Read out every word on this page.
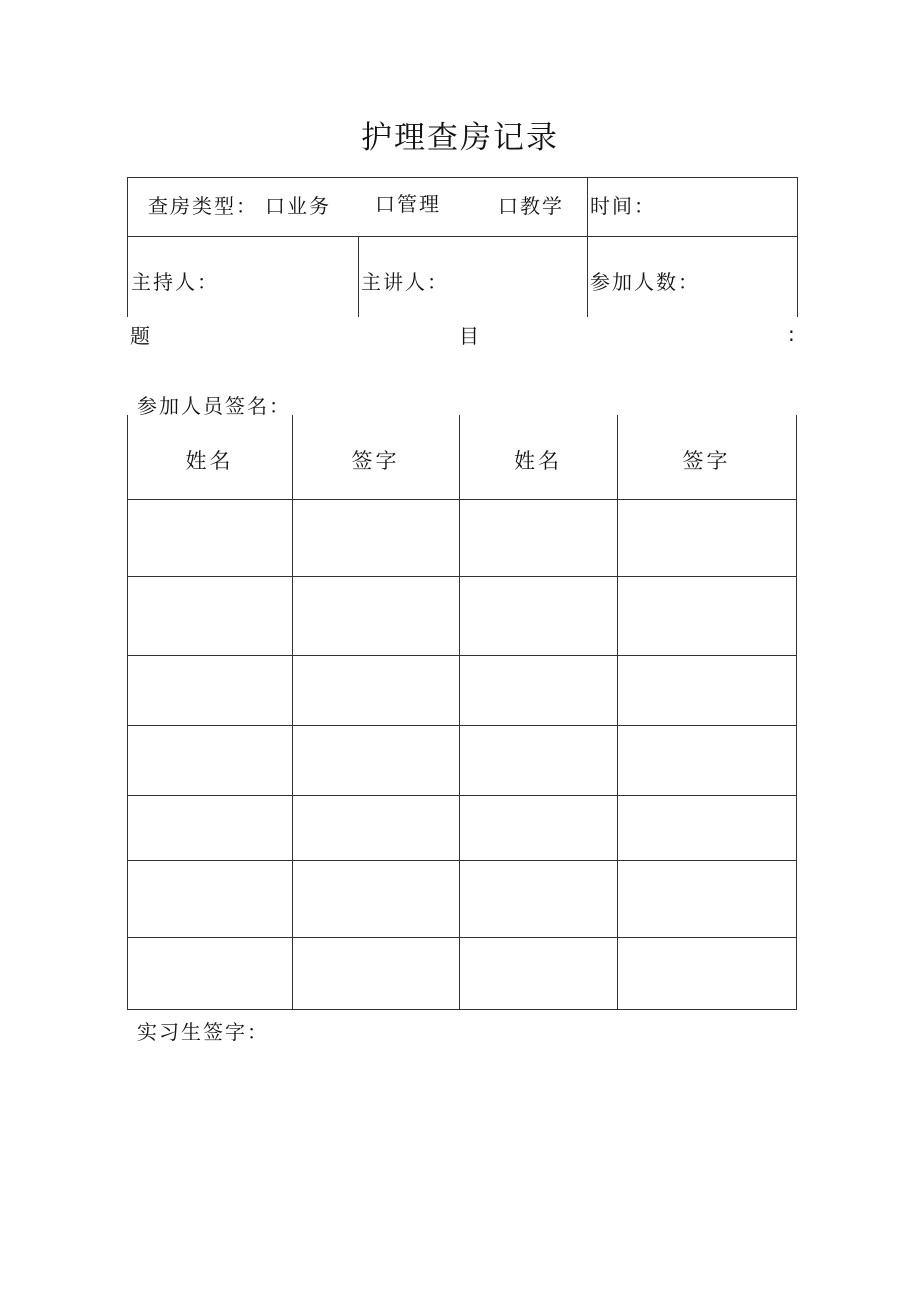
护理查房记录
查房类型： 口业务 口管理	口教学 时间：
主持人：	主讲人：	参加人数：
题	目	:
参加人员签名：
姓名	签字	姓名	签字
实习生签字：
